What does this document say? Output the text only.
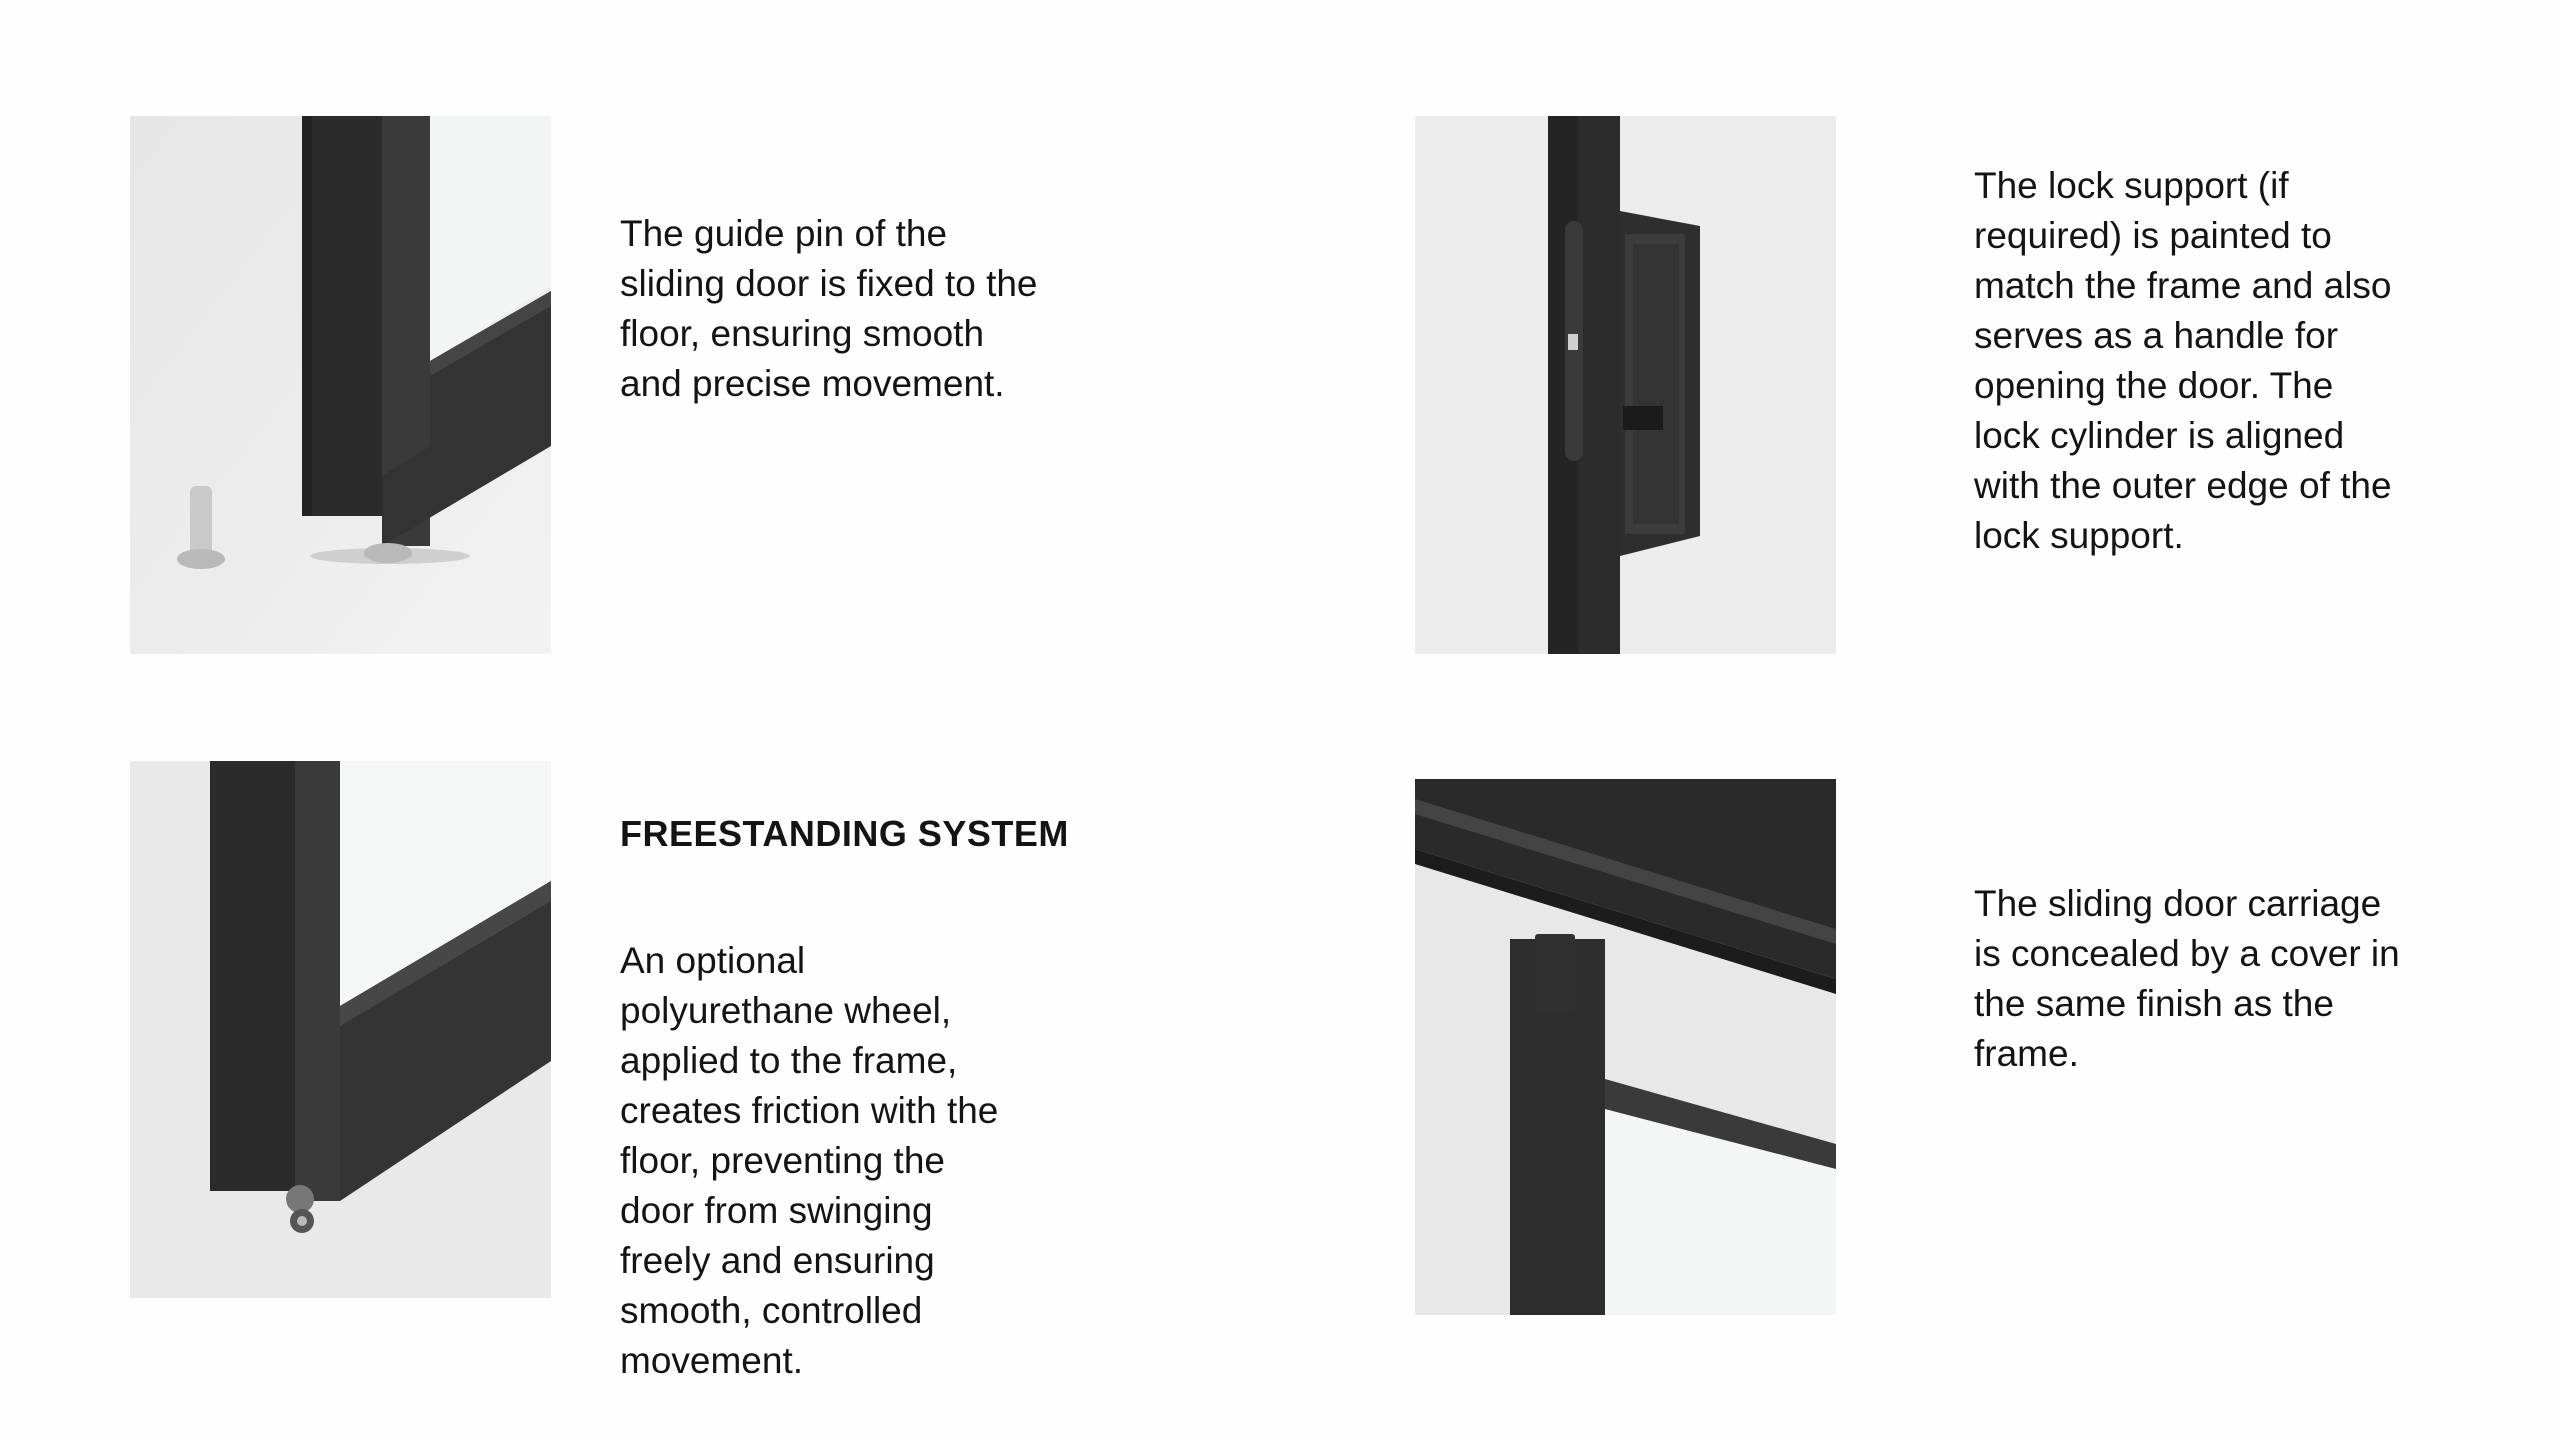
The guide pin of the
sliding door is fixed to the
floor, ensuring smooth
and precise movement.

The lock support (if
required) is painted to
match the frame and also
serves as a handle for
opening the door. The
lock cylinder is aligned
with the outer edge of the
lock support.

FREESTANDING SYSTEM

An optional
polyurethane wheel,
applied to the frame,
creates friction with the
floor, preventing the
door from swinging
freely and ensuring
smooth, controlled
movement.

The sliding door carriage
is concealed by a cover in
the same finish as the
frame.
